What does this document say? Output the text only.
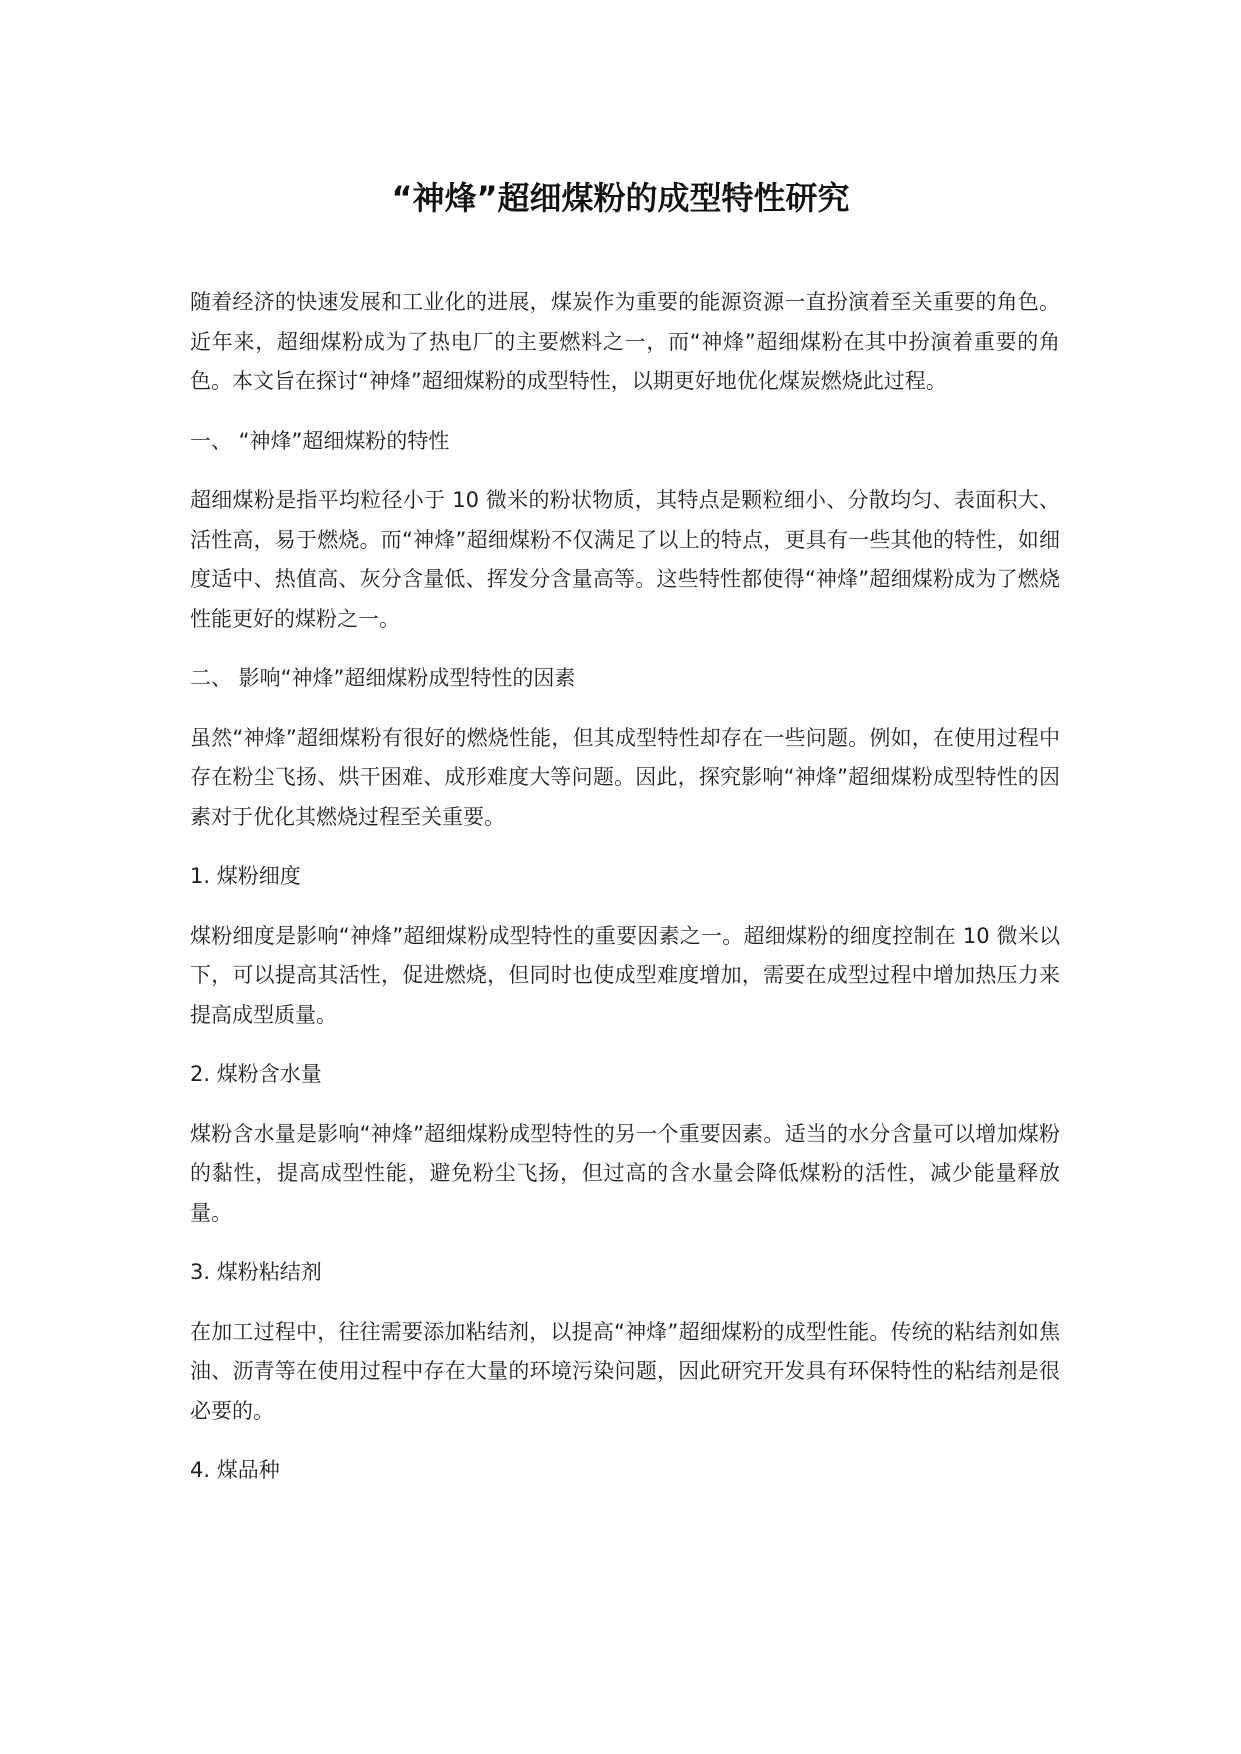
“神烽”超细煤粉的成型特性研究

随着经济的快速发展和工业化的进展，煤炭作为重要的能源资源一直扮演着至关重要的角色。近年来，超细煤粉成为了热电厂的主要燃料之一，而“神烽”超细煤粉在其中扮演着重要的角色。本文旨在探讨“神烽”超细煤粉的成型特性，以期更好地优化煤炭燃烧此过程。

一、 “神烽”超细煤粉的特性

超细煤粉是指平均粒径小于 10 微米的粉状物质，其特点是颗粒细小、分散均匀、表面积大、活性高，易于燃烧。而“神烽”超细煤粉不仅满足了以上的特点，更具有一些其他的特性，如细度适中、热值高、灰分含量低、挥发分含量高等。这些特性都使得“神烽”超细煤粉成为了燃烧性能更好的煤粉之一。

二、 影响“神烽”超细煤粉成型特性的因素

虽然“神烽”超细煤粉有很好的燃烧性能，但其成型特性却存在一些问题。例如，在使用过程中存在粉尘飞扬、烘干困难、成形难度大等问题。因此，探究影响“神烽”超细煤粉成型特性的因素对于优化其燃烧过程至关重要。

1. 煤粉细度

煤粉细度是影响“神烽”超细煤粉成型特性的重要因素之一。超细煤粉的细度控制在 10 微米以下，可以提高其活性，促进燃烧，但同时也使成型难度增加，需要在成型过程中增加热压力来提高成型质量。

2. 煤粉含水量

煤粉含水量是影响“神烽”超细煤粉成型特性的另一个重要因素。适当的水分含量可以增加煤粉的黏性，提高成型性能，避免粉尘飞扬，但过高的含水量会降低煤粉的活性，减少能量释放量。

3. 煤粉粘结剂

在加工过程中，往往需要添加粘结剂，以提高“神烽”超细煤粉的成型性能。传统的粘结剂如焦油、沥青等在使用过程中存在大量的环境污染问题，因此研究开发具有环保特性的粘结剂是很必要的。

4. 煤品种
